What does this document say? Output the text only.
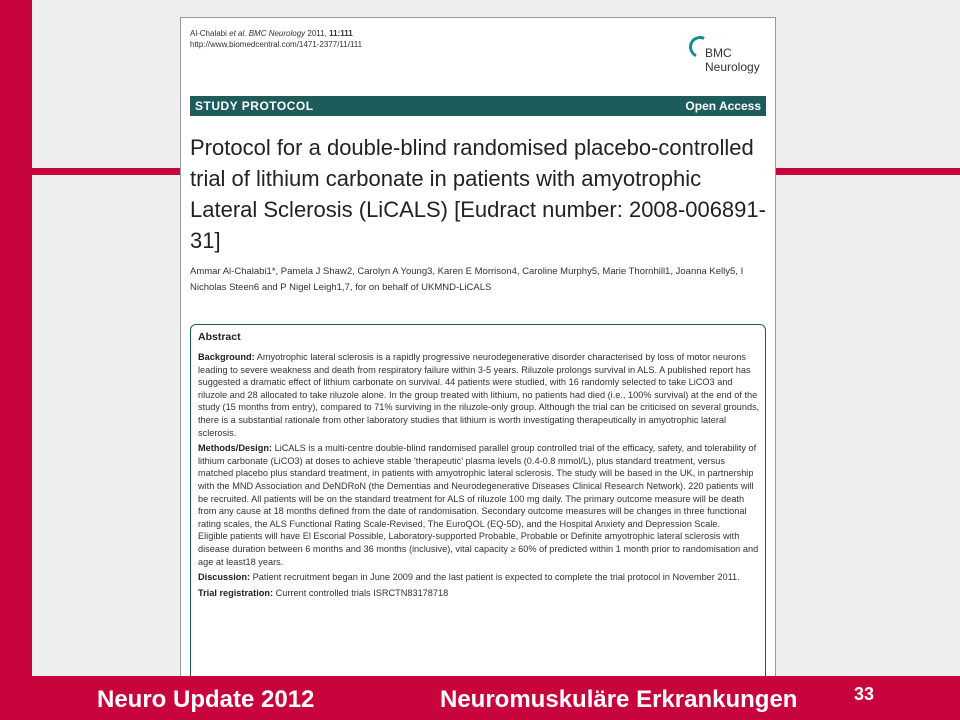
Al-Chalabi et al. BMC Neurology 2011, 11:111
http://www.biomedcentral.com/1471-2377/11/111
BMC
Neurology
STUDY PROTOCOL	Open Access
Protocol for a double-blind randomised placebo-controlled trial of lithium carbonate in patients with amyotrophic Lateral Sclerosis (LiCALS) [Eudract number: 2008-006891-31]
Ammar Al-Chalabi1*, Pamela J Shaw2, Carolyn A Young3, Karen E Morrison4, Caroline Murphy5, Marie Thornhill1, Joanna Kelly5, I Nicholas Steen6 and P Nigel Leigh1,7, for on behalf of UKMND-LiCALS
Abstract

Background: Amyotrophic lateral sclerosis is a rapidly progressive neurodegenerative disorder characterised by loss of motor neurons leading to severe weakness and death from respiratory failure within 3-5 years. Riluzole prolongs survival in ALS. A published report has suggested a dramatic effect of lithium carbonate on survival. 44 patients were studied, with 16 randomly selected to take LiCO3 and riluzole and 28 allocated to take riluzole alone. In the group treated with lithium, no patients had died (i.e., 100% survival) at the end of the study (15 months from entry), compared to 71% surviving in the riluzole-only group. Although the trial can be criticised on several grounds, there is a substantial rationale from other laboratory studies that lithium is worth investigating therapeutically in amyotrophic lateral sclerosis.

Methods/Design: LiCALS is a multi-centre double-blind randomised parallel group controlled trial of the efficacy, safety, and tolerability of lithium carbonate (LiCO3) at doses to achieve stable 'therapeutic' plasma levels (0.4-0.8 mmol/L), plus standard treatment, versus matched placebo plus standard treatment, in patients with amyotrophic lateral sclerosis. The study will be based in the UK, in partnership with the MND Association and DeNDRoN (the Dementias and Neurodegenerative Diseases Clinical Research Network). 220 patients will be recruited. All patients will be on the standard treatment for ALS of riluzole 100 mg daily. The primary outcome measure will be death from any cause at 18 months defined from the date of randomisation. Secondary outcome measures will be changes in three functional rating scales, the ALS Functional Rating Scale-Revised, The EuroQOL (EQ-5D), and the Hospital Anxiety and Depression Scale.

Eligible patients will have El Escorial Possible, Laboratory-supported Probable, Probable or Definite amyotrophic lateral sclerosis with disease duration between 6 months and 36 months (inclusive), vital capacity ≥ 60% of predicted within 1 month prior to randomisation and age at least18 years.

Discussion: Patient recruitment began in June 2009 and the last patient is expected to complete the trial protocol in November 2011.

Trial registration: Current controlled trials ISRCTN83178718

Neuro Update 2012	Neuromuskuläre Erkrankungen	33
